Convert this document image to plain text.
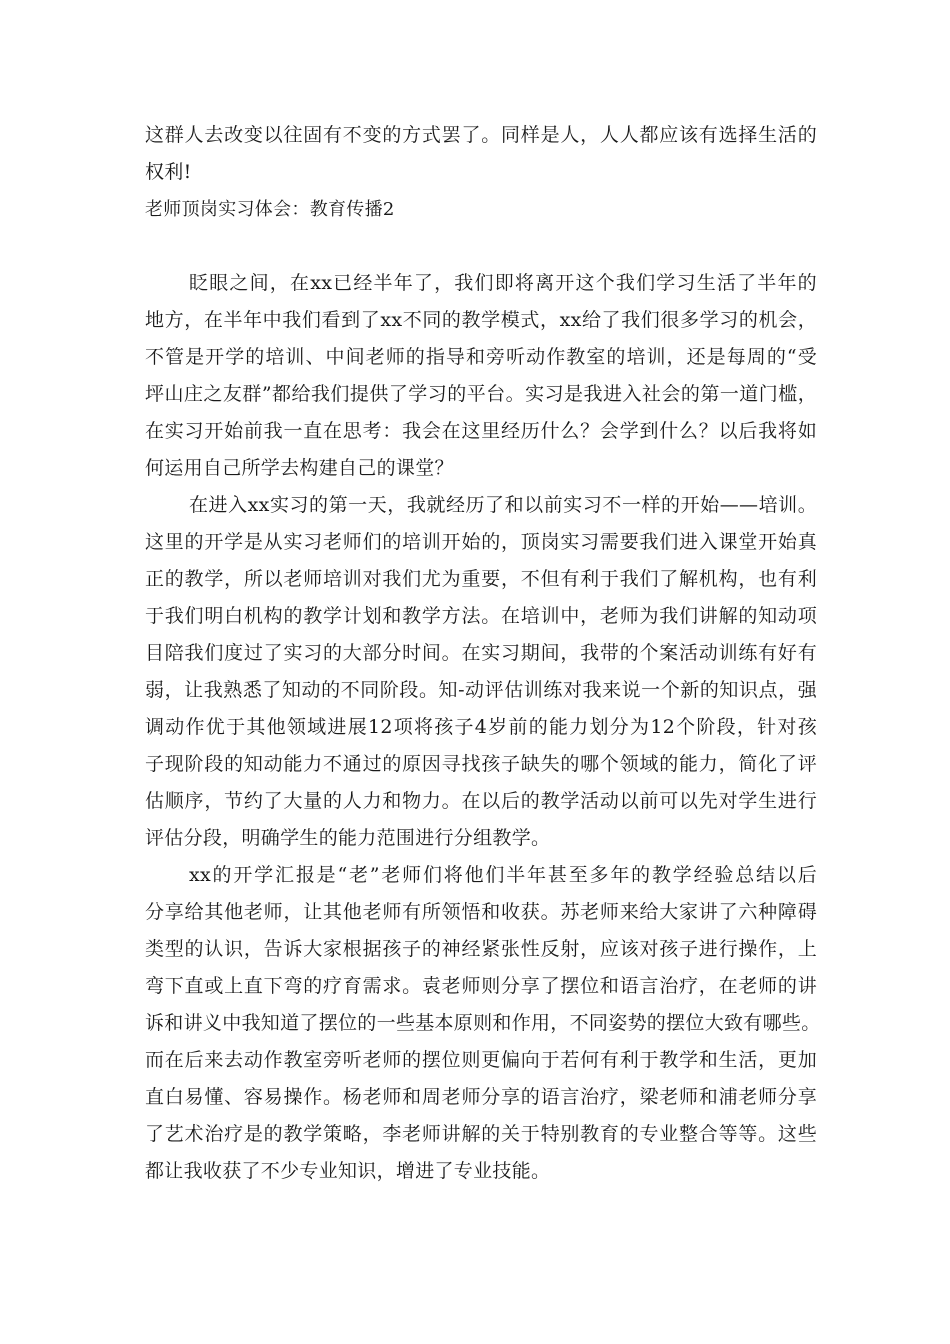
这群人去改变以往固有不变的方式罢了。同样是人，人人都应该有选择生活的
权利!
老师顶岗实习体会：教育传播2
眨眼之间，在xx已经半年了，我们即将离开这个我们学习生活了半年的
地方，在半年中我们看到了xx不同的教学模式，xx给了我们很多学习的机会，
不管是开学的培训、中间老师的指导和旁听动作教室的培训，还是每周的“受
坪山庄之友群”都给我们提供了学习的平台。实习是我进入社会的第一道门槛，
在实习开始前我一直在思考：我会在这里经历什么？会学到什么？以后我将如
何运用自己所学去构建自己的课堂？
在进入xx实习的第一天，我就经历了和以前实习不一样的开始——培训。
这里的开学是从实习老师们的培训开始的，顶岗实习需要我们进入课堂开始真
正的教学，所以老师培训对我们尤为重要，不但有利于我们了解机构，也有利
于我们明白机构的教学计划和教学方法。在培训中，老师为我们讲解的知动项
目陪我们度过了实习的大部分时间。在实习期间，我带的个案活动训练有好有
弱，让我熟悉了知动的不同阶段。知-动评估训练对我来说一个新的知识点，强
调动作优于其他领域进展12项将孩子4岁前的能力划分为12个阶段，针对孩
子现阶段的知动能力不通过的原因寻找孩子缺失的哪个领域的能力，简化了评
估顺序，节约了大量的人力和物力。在以后的教学活动以前可以先对学生进行
评估分段，明确学生的能力范围进行分组教学。
xx的开学汇报是“老”老师们将他们半年甚至多年的教学经验总结以后
分享给其他老师，让其他老师有所领悟和收获。苏老师来给大家讲了六种障碍
类型的认识，告诉大家根据孩子的神经紧张性反射，应该对孩子进行操作，上
弯下直或上直下弯的疗育需求。袁老师则分享了摆位和语言治疗，在老师的讲
诉和讲义中我知道了摆位的一些基本原则和作用，不同姿势的摆位大致有哪些。
而在后来去动作教室旁听老师的摆位则更偏向于若何有利于教学和生活，更加
直白易懂、容易操作。杨老师和周老师分享的语言治疗，梁老师和浦老师分享
了艺术治疗是的教学策略，李老师讲解的关于特别教育的专业整合等等。这些
都让我收获了不少专业知识，增进了专业技能。
